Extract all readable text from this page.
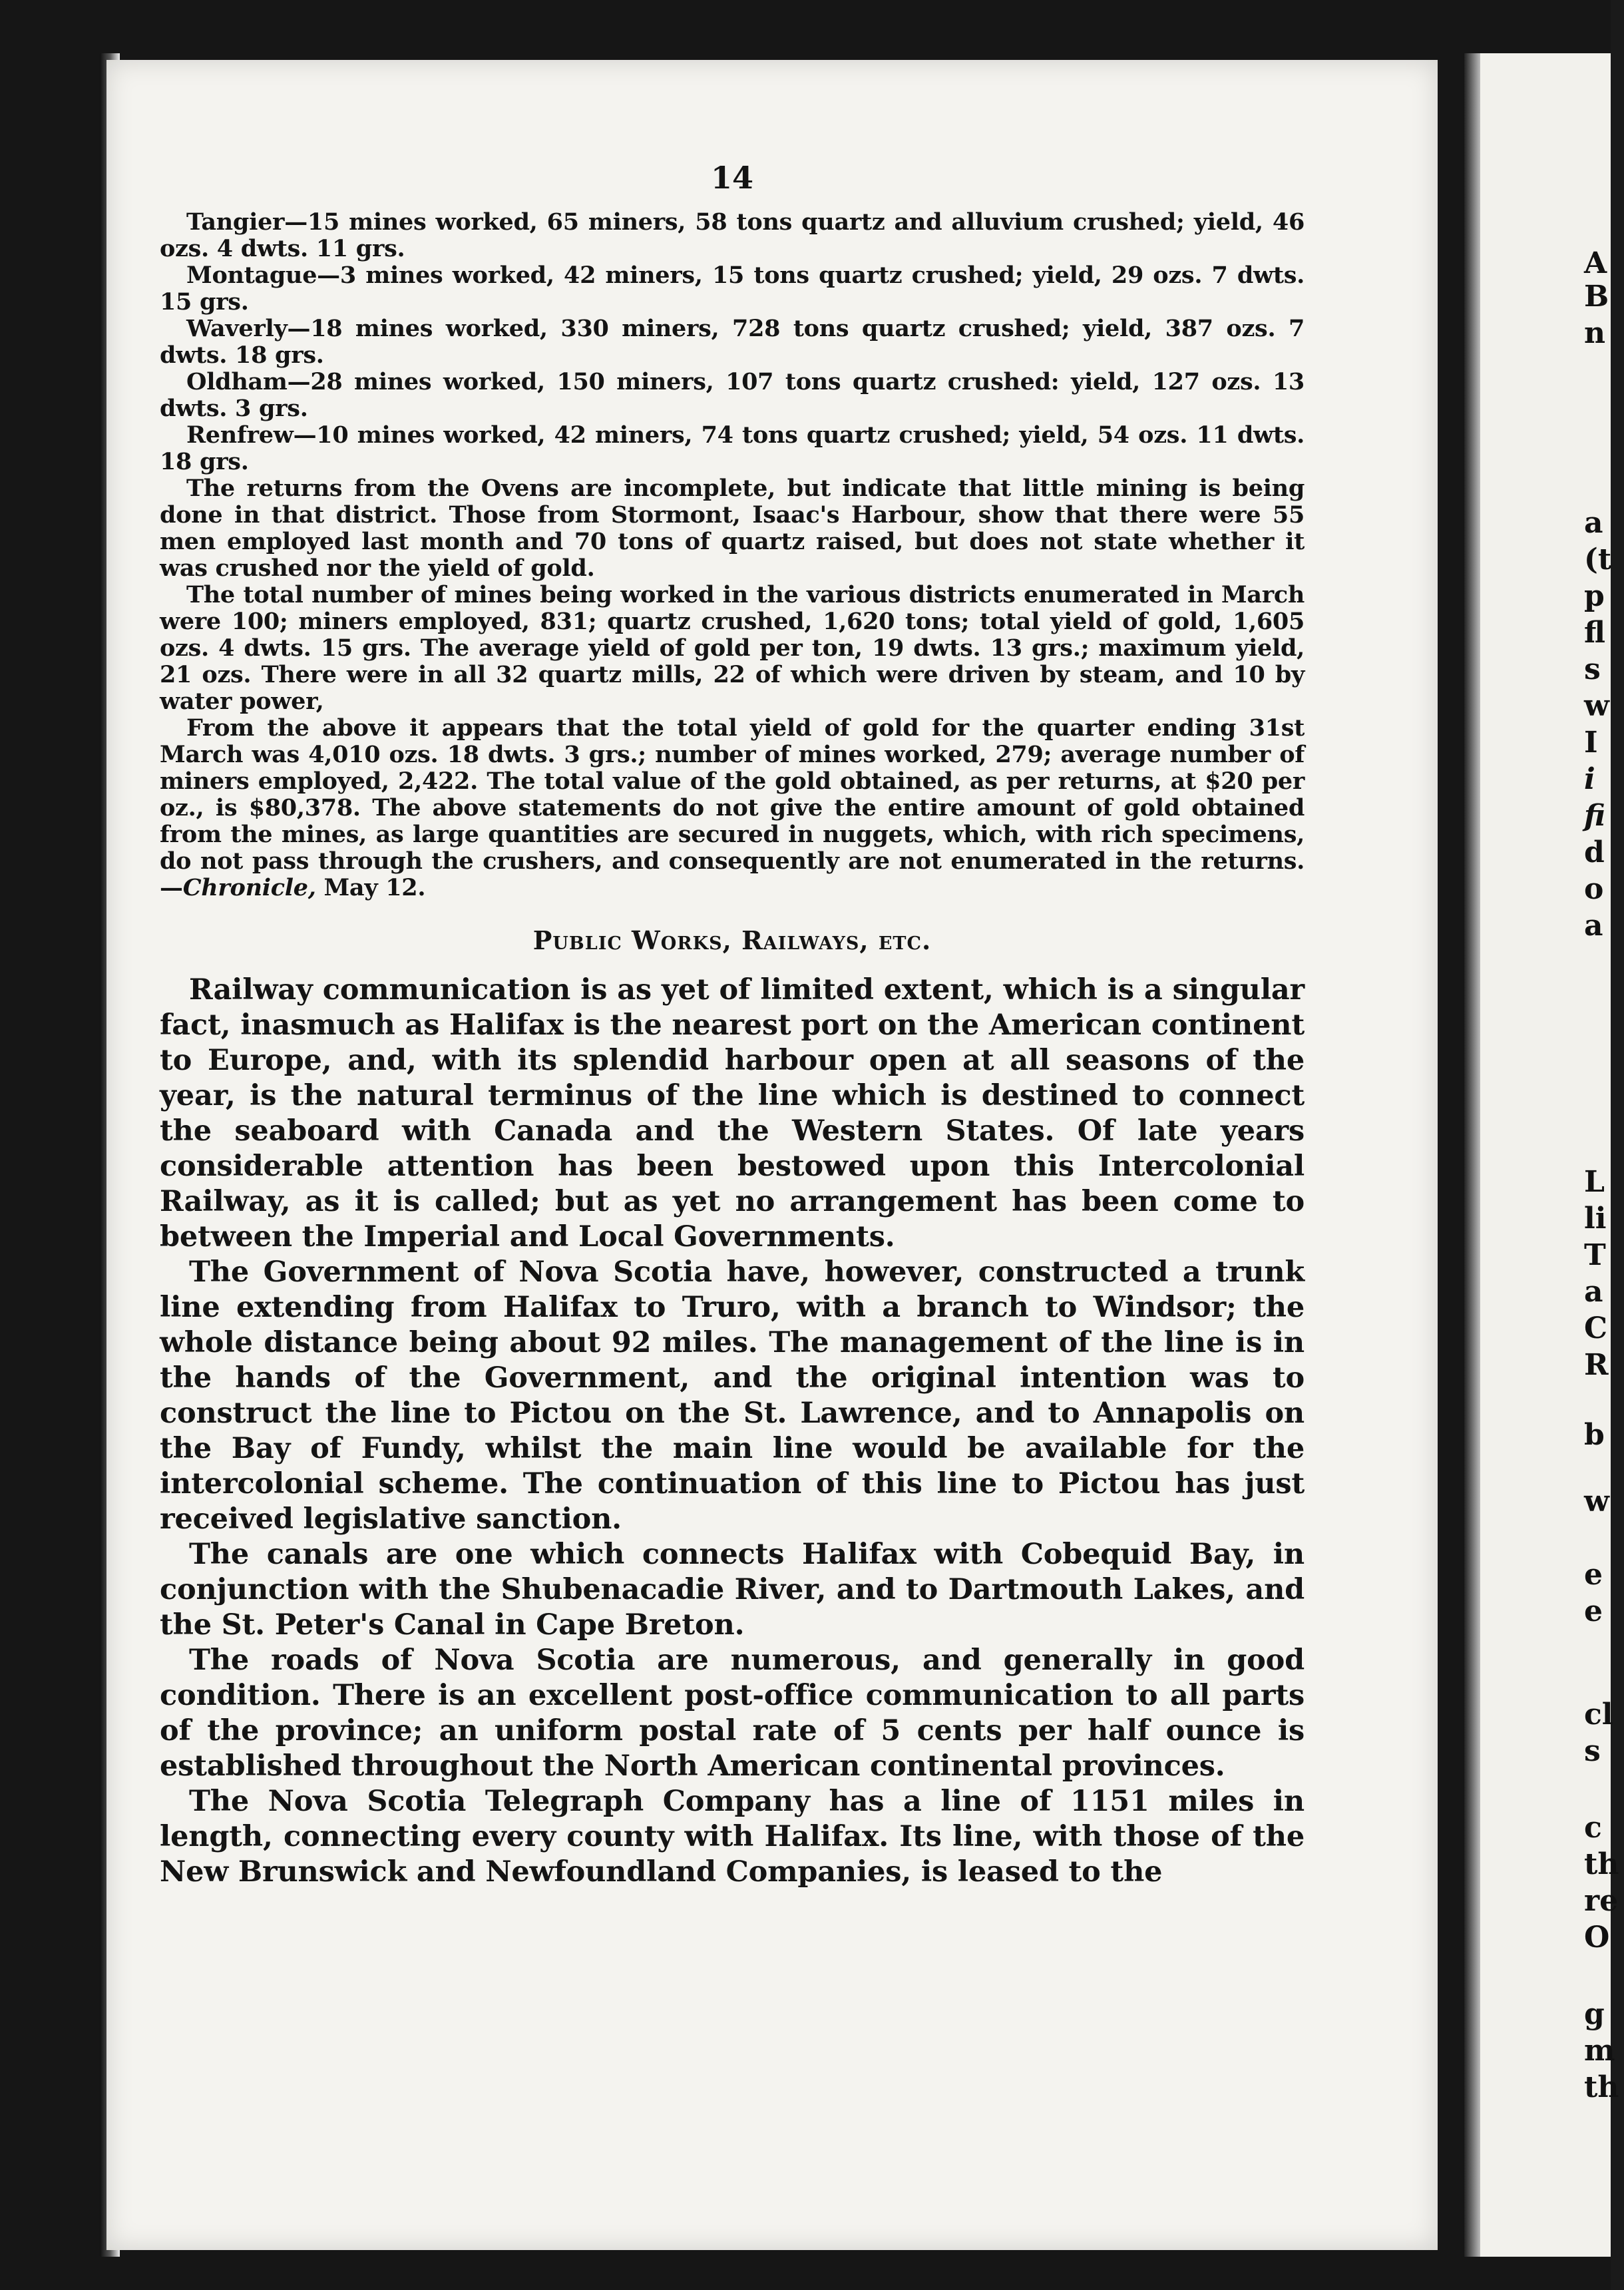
A
B
n
a
(t
p
fl
s
w
I
i
fi
d
o
a
L
li
T
a
C
R
b
w
e
e
cl
s
c
th
re
O
g
m
th
14

Tangier—15 mines worked, 65 miners, 58 tons quartz and alluvium crushed; yield, 46 ozs. 4 dwts. 11 grs.

Montague—3 mines worked, 42 miners, 15 tons quartz crushed; yield, 29 ozs. 7 dwts. 15 grs.

Waverly—18 mines worked, 330 miners, 728 tons quartz crushed; yield, 387 ozs. 7 dwts. 18 grs.

Oldham—28 mines worked, 150 miners, 107 tons quartz crushed: yield, 127 ozs. 13 dwts. 3 grs.

Renfrew—10 mines worked, 42 miners, 74 tons quartz crushed; yield, 54 ozs. 11 dwts. 18 grs.

The returns from the Ovens are incomplete, but indicate that little mining is being done in that district. Those from Stormont, Isaac's Harbour, show that there were 55 men employed last month and 70 tons of quartz raised, but does not state whether it was crushed nor the yield of gold.

The total number of mines being worked in the various districts enumerated in March were 100; miners employed, 831; quartz crushed, 1,620 tons; total yield of gold, 1,605 ozs. 4 dwts. 15 grs. The average yield of gold per ton, 19 dwts. 13 grs.; maximum yield, 21 ozs. There were in all 32 quartz mills, 22 of which were driven by steam, and 10 by water power,

From the above it appears that the total yield of gold for the quarter ending 31st March was 4,010 ozs. 18 dwts. 3 grs.; number of mines worked, 279; average number of miners employed, 2,422. The total value of the gold obtained, as per returns, at $20 per oz., is $80,378. The above statements do not give the entire amount of gold obtained from the mines, as large quantities are secured in nuggets, which, with rich specimens, do not pass through the crushers, and consequently are not enumerated in the returns.—Chronicle, May 12.

Public Works, Railways, etc.

Railway communication is as yet of limited extent, which is a singular fact, inasmuch as Halifax is the nearest port on the American continent to Europe, and, with its splendid harbour open at all seasons of the year, is the natural terminus of the line which is destined to connect the seaboard with Canada and the Western States. Of late years considerable attention has been bestowed upon this Intercolonial Railway, as it is called; but as yet no arrangement has been come to between the Imperial and Local Governments.

The Government of Nova Scotia have, however, constructed a trunk line extending from Halifax to Truro, with a branch to Windsor; the whole distance being about 92 miles. The management of the line is in the hands of the Government, and the original intention was to construct the line to Pictou on the St. Lawrence, and to Annapolis on the Bay of Fundy, whilst the main line would be available for the intercolonial scheme. The continuation of this line to Pictou has just received legislative sanction.

The canals are one which connects Halifax with Cobequid Bay, in conjunction with the Shubenacadie River, and to Dartmouth Lakes, and the St. Peter's Canal in Cape Breton.

The roads of Nova Scotia are numerous, and generally in good condition. There is an excellent post-office communication to all parts of the province; an uniform postal rate of 5 cents per half ounce is established throughout the North American continental provinces.

The Nova Scotia Telegraph Company has a line of 1151 miles in length, connecting every county with Halifax. Its line, with those of the New Brunswick and Newfoundland Companies, is leased to the
